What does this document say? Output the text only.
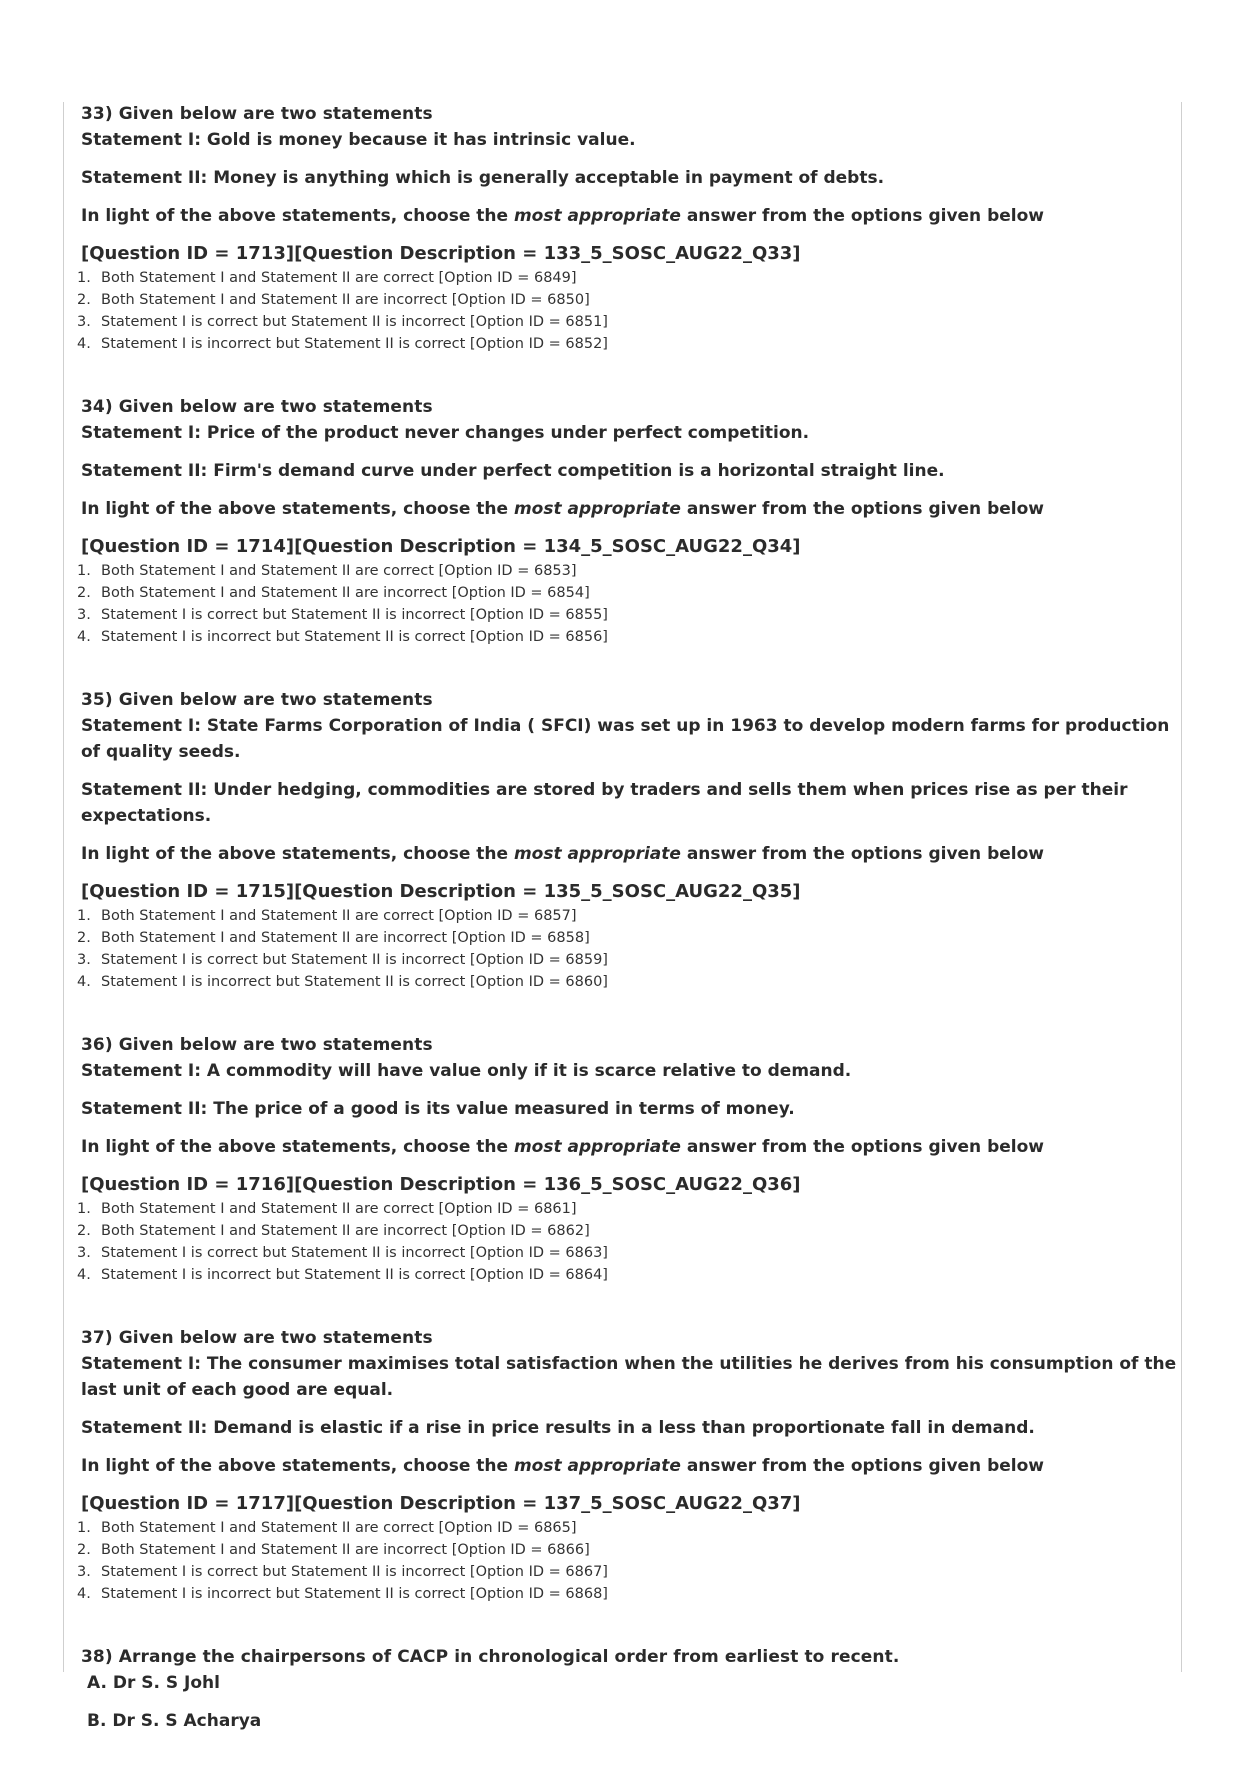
33) Given below are two statements

Statement I: Gold is money because it has intrinsic value.

Statement II: Money is anything which is generally acceptable in payment of debts.

In light of the above statements, choose the most appropriate answer from the options given below

[Question ID = 1713][Question Description = 133_5_SOSC_AUG22_Q33]

1. Both Statement I and Statement II are correct [Option ID = 6849]
2. Both Statement I and Statement II are incorrect [Option ID = 6850]
3. Statement I is correct but Statement II is incorrect [Option ID = 6851]
4. Statement I is incorrect but Statement II is correct [Option ID = 6852]

34) Given below are two statements

Statement I: Price of the product never changes under perfect competition.

Statement II: Firm's demand curve under perfect competition is a horizontal straight line.

In light of the above statements, choose the most appropriate answer from the options given below

[Question ID = 1714][Question Description = 134_5_SOSC_AUG22_Q34]

1. Both Statement I and Statement II are correct [Option ID = 6853]
2. Both Statement I and Statement II are incorrect [Option ID = 6854]
3. Statement I is correct but Statement II is incorrect [Option ID = 6855]
4. Statement I is incorrect but Statement II is correct [Option ID = 6856]

35) Given below are two statements

Statement I: State Farms Corporation of India ( SFCI) was set up in 1963 to develop modern farms for production of quality seeds.

Statement II: Under hedging, commodities are stored by traders and sells them when prices rise as per their expectations.

In light of the above statements, choose the most appropriate answer from the options given below

[Question ID = 1715][Question Description = 135_5_SOSC_AUG22_Q35]

1. Both Statement I and Statement II are correct [Option ID = 6857]
2. Both Statement I and Statement II are incorrect [Option ID = 6858]
3. Statement I is correct but Statement II is incorrect [Option ID = 6859]
4. Statement I is incorrect but Statement II is correct [Option ID = 6860]

36) Given below are two statements

Statement I: A commodity will have value only if it is scarce relative to demand.

Statement II: The price of a good is its value measured in terms of money.

In light of the above statements, choose the most appropriate answer from the options given below

[Question ID = 1716][Question Description = 136_5_SOSC_AUG22_Q36]

1. Both Statement I and Statement II are correct [Option ID = 6861]
2. Both Statement I and Statement II are incorrect [Option ID = 6862]
3. Statement I is correct but Statement II is incorrect [Option ID = 6863]
4. Statement I is incorrect but Statement II is correct [Option ID = 6864]

37) Given below are two statements

Statement I: The consumer maximises total satisfaction when the utilities he derives from his consumption of the last unit of each good are equal.

Statement II: Demand is elastic if a rise in price results in a less than proportionate fall in demand.

In light of the above statements, choose the most appropriate answer from the options given below

[Question ID = 1717][Question Description = 137_5_SOSC_AUG22_Q37]

1. Both Statement I and Statement II are correct [Option ID = 6865]
2. Both Statement I and Statement II are incorrect [Option ID = 6866]
3. Statement I is correct but Statement II is incorrect [Option ID = 6867]
4. Statement I is incorrect but Statement II is correct [Option ID = 6868]

38) Arrange the chairpersons of CACP in chronological order from earliest to recent.

A. Dr S. S Johl

B. Dr S. S Acharya
